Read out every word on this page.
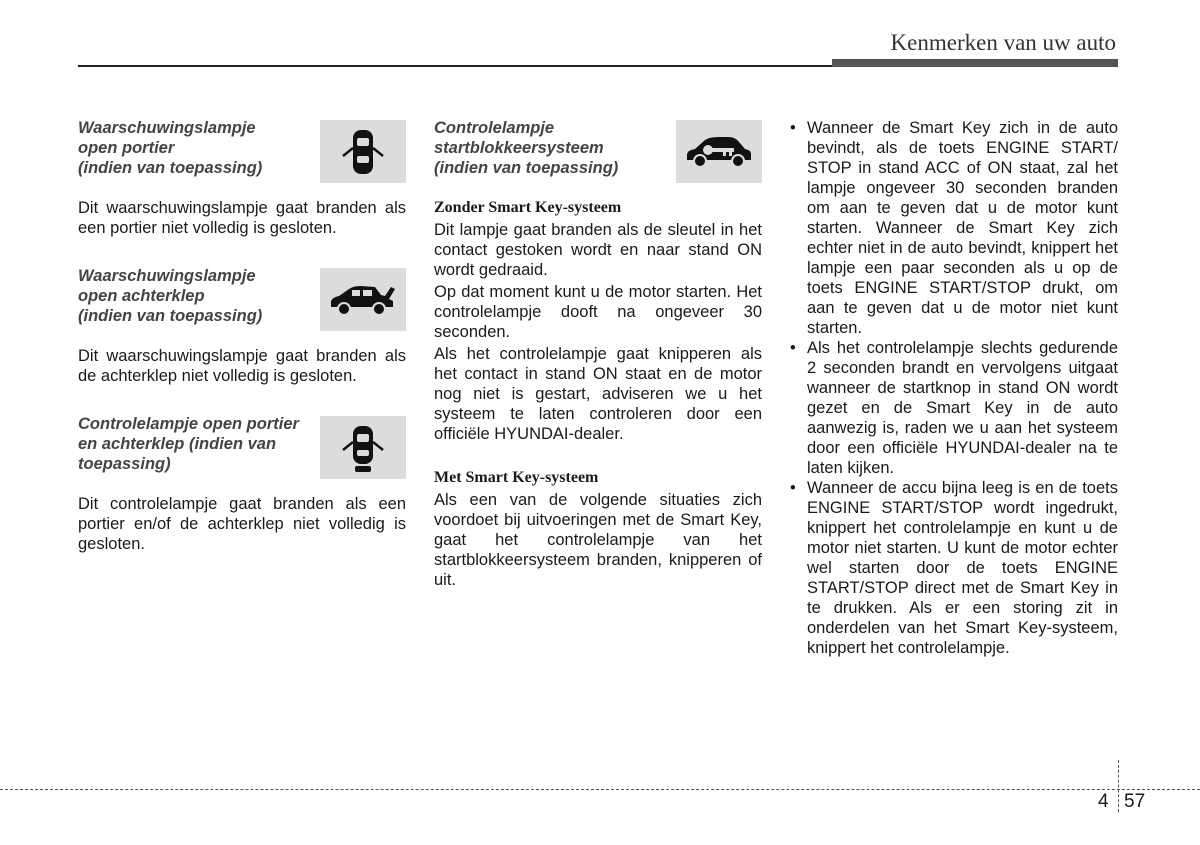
Kenmerken van uw auto
Waarschuwingslampje
open portier
(indien van toepassing)

Dit waarschuwingslampje gaat branden als een portier niet volledig is gesloten.

Waarschuwingslampje
open achterklep
(indien van toepassing)

Dit waarschuwingslampje gaat branden als de achterklep niet volledig is gesloten.

Controlelampje open portier
en achterklep (indien van
toepassing)

Dit controlelampje gaat branden als een portier en/of de achterklep niet volledig is gesloten.

Controlelampje
startblokkeersysteem
(indien van toepassing)
Zonder Smart Key-systeem

Dit lampje gaat branden als de sleutel in het contact gestoken wordt en naar stand ON wordt gedraaid.

Op dat moment kunt u de motor starten. Het controlelampje dooft na ongeveer 30 seconden.

Als het controlelampje gaat knipperen als het contact in stand ON staat en de motor nog niet is gestart, adviseren we u het systeem te laten controleren door een officiële HYUNDAI-dealer.

Met Smart Key-systeem

Als een van de volgende situaties zich voordoet bij uitvoeringen met de Smart Key, gaat het controlelampje van het startblokkeersysteem branden, knipperen of uit.

• Wanneer de Smart Key zich in de auto bevindt, als de toets ENGINE START/ STOP in stand ACC of ON staat, zal het lampje ongeveer 30 seconden branden om aan te geven dat u de motor kunt starten. Wanneer de Smart Key zich echter niet in de auto bevindt, knippert het lampje een paar seconden als u op de toets ENGINE START/STOP drukt, om aan te geven dat u de motor niet kunt starten.
• Als het controlelampje slechts gedurende 2 seconden brandt en vervolgens uitgaat wanneer de startknop in stand ON wordt gezet en de Smart Key in de auto aanwezig is, raden we u aan het systeem door een officiële HYUNDAI-dealer na te laten kijken.
• Wanneer de accu bijna leeg is en de toets ENGINE START/STOP wordt ingedrukt, knippert het controlelampje en kunt u de motor niet starten. U kunt de motor echter wel starten door de toets ENGINE START/STOP direct met de Smart Key in te drukken. Als er een storing zit in onderdelen van het Smart Key-systeem, knippert het controlelampje.
4 57
